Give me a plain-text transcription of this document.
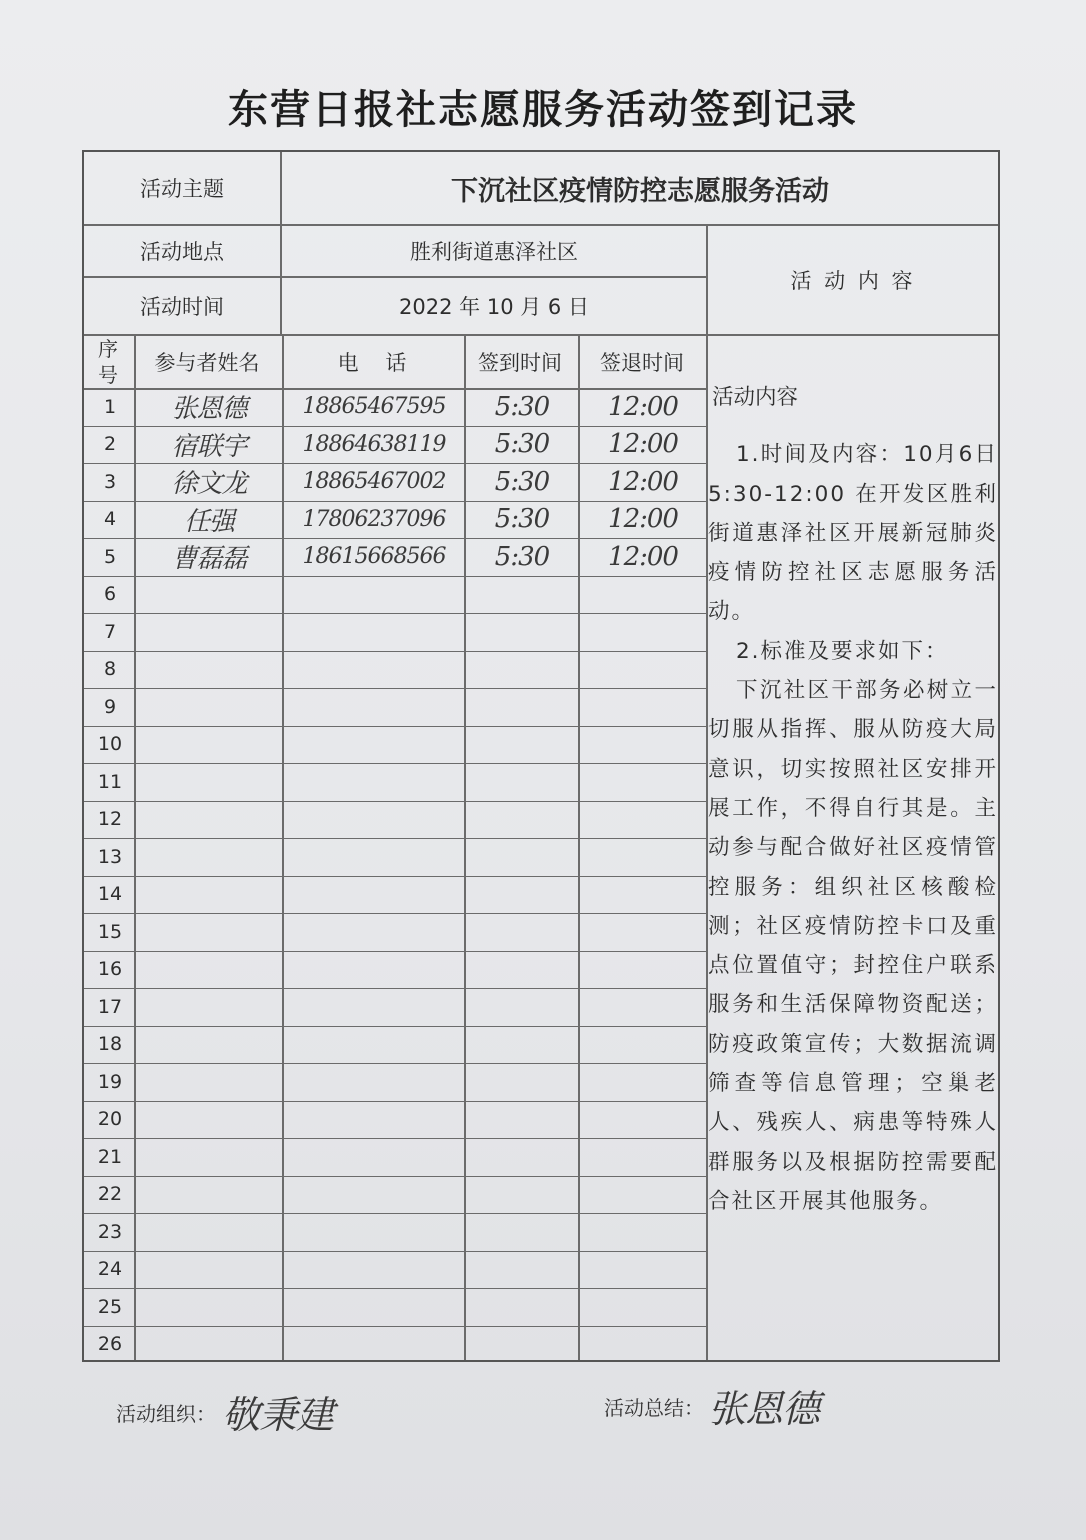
东营日报社志愿服务活动签到记录
活动主题	下沉社区疫情防控志愿服务活动
活动地点	胜利街道惠泽社区
活动时间	2022 年 10 月 6 日
活 动 内 容
序
号	参与者姓名	电    话	签到时间	签退时间
1	张恩德	18865467595	5:30	12:00
2	宿联宇	18864638119	5:30	12:00
3	徐文龙	18865467002	5:30	12:00
4	任强	17806237096	5:30	12:00
5	曹磊磊	18615668566	5:30	12:00
6
7
8
9
10
11
12
13
14
15
16
17
18
19
20
21
22
23
24
25
26

活动内容

1.时间及内容：10月6日 5:30-12:00 在开发区胜利街道惠泽社区开展新冠肺炎疫情防控社区志愿服务活动。

2.标准及要求如下：

下沉社区干部务必树立一切服从指挥、服从防疫大局意识，切实按照社区安排开展工作，不得自行其是。主动参与配合做好社区疫情管控服务：组织社区核酸检测；社区疫情防控卡口及重点位置值守；封控住户联系服务和生活保障物资配送；防疫政策宣传；大数据流调筛查等信息管理；空巢老人、残疾人、病患等特殊人群服务以及根据防控需要配合社区开展其他服务。

活动组织： 敬秉建	活动总结： 张恩德
